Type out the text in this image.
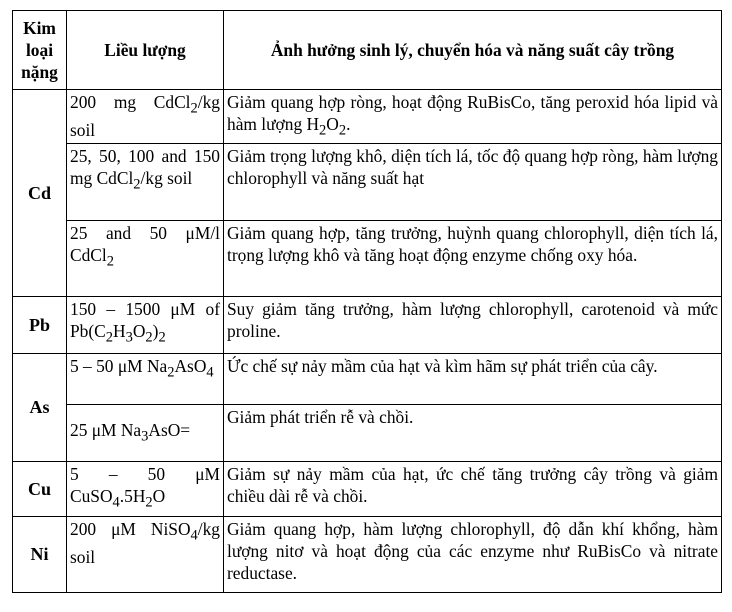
Kim loại nặng	Liều lượng	Ảnh hưởng sinh lý, chuyển hóa và năng suất cây trồng
Cd	200 mg CdCl$_2$/kg soil	Giảm quang hợp ròng, hoạt động RuBisCo, tăng peroxid hóa lipid và hàm lượng $H_2O_2$.
	25, 50, 100 and 150 mg CdCl$_2$/kg soil	Giảm trọng lượng khô, diện tích lá, tốc độ quang hợp ròng, hàm lượng chlorophyll và năng suất hạt
	25 and 50 μM/l CdCl$_2$	Giảm quang hợp, tăng trưởng, huỳnh quang chlorophyll, diện tích lá, trọng lượng khô và tăng hoạt động enzyme chống oxy hóa.
Pb	150 – 1500 μM of $Pb(C_2H_3O_2)_2$	Suy giảm tăng trưởng, hàm lượng chlorophyll, carotenoid và mức proline.
As	5 – 50 μM $Na_2AsO_4$	Ức chế sự nảy mầm của hạt và kìm hãm sự phát triển của cây.
	25 μM $Na_3AsO=$	Giảm phát triển rễ và chồi.
Cu	5 – 50 μM $CuSO_4.5H_2O$	Giảm sự nảy mầm của hạt, ức chế tăng trưởng cây trồng và giảm chiều dài rễ và chồi.
Ni	200 μM NiSO$_4$/kg soil	Giảm quang hợp, hàm lượng chlorophyll, độ dẫn khí khổng, hàm lượng nitơ và hoạt động của các enzyme như RuBisCo và nitrate reductase.
